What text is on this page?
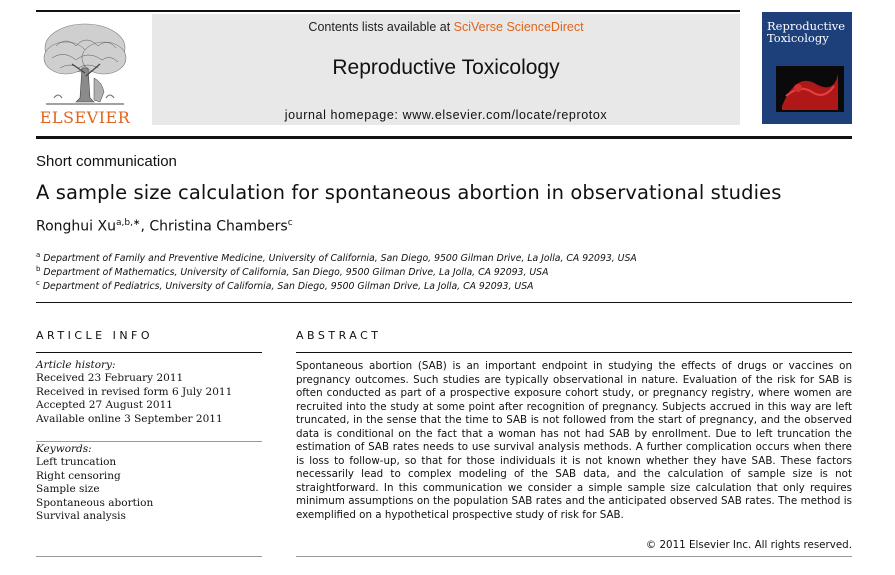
ELSEVIER
Contents lists available at SciVerse ScienceDirect
Reproductive Toxicology
journal homepage: www.elsevier.com/locate/reprotox
Reproductive
Toxicology
Short communication
A sample size calculation for spontaneous abortion in observational studies
Ronghui $Xu^{a,b,∗}$, Christina Chambers$^c$
$^a$ Department of Family and Preventive Medicine, University of California, San Diego, 9500 Gilman Drive, La Jolla, CA 92093, USA
$^b$ Department of Mathematics, University of California, San Diego, 9500 Gilman Drive, La Jolla, CA 92093, USA
$^c$ Department of Pediatrics, University of California, San Diego, 9500 Gilman Drive, La Jolla, CA 92093, USA
ARTICLE INFO
Article history:
Received 23 February 2011
Received in revised form 6 July 2011
Accepted 27 August 2011
Available online 3 September 2011
Keywords:
Left truncation
Right censoring
Sample size
Spontaneous abortion
Survival analysis
ABSTRACT
Spontaneous abortion (SAB) is an important endpoint in studying the effects of drugs or vaccines on pregnancy outcomes. Such studies are typically observational in nature. Evaluation of the risk for SAB is often conducted as part of a prospective exposure cohort study, or pregnancy registry, where women are recruited into the study at some point after recognition of pregnancy. Subjects accrued in this way are left truncated, in the sense that the time to SAB is not followed from the start of pregnancy, and the observed data is conditional on the fact that a woman has not had SAB by enrollment. Due to left truncation the estimation of SAB rates needs to use survival analysis methods. A further complication occurs when there is loss to follow-up, so that for those individuals it is not known whether they have SAB. These factors necessarily lead to complex modeling of the SAB data, and the calculation of sample size is not straightforward. In this communication we consider a simple sample size calculation that only requires minimum assumptions on the population SAB rates and the anticipated observed SAB rates. The method is exemplified on a hypothetical prospective study of risk for SAB.
© 2011 Elsevier Inc. All rights reserved.
